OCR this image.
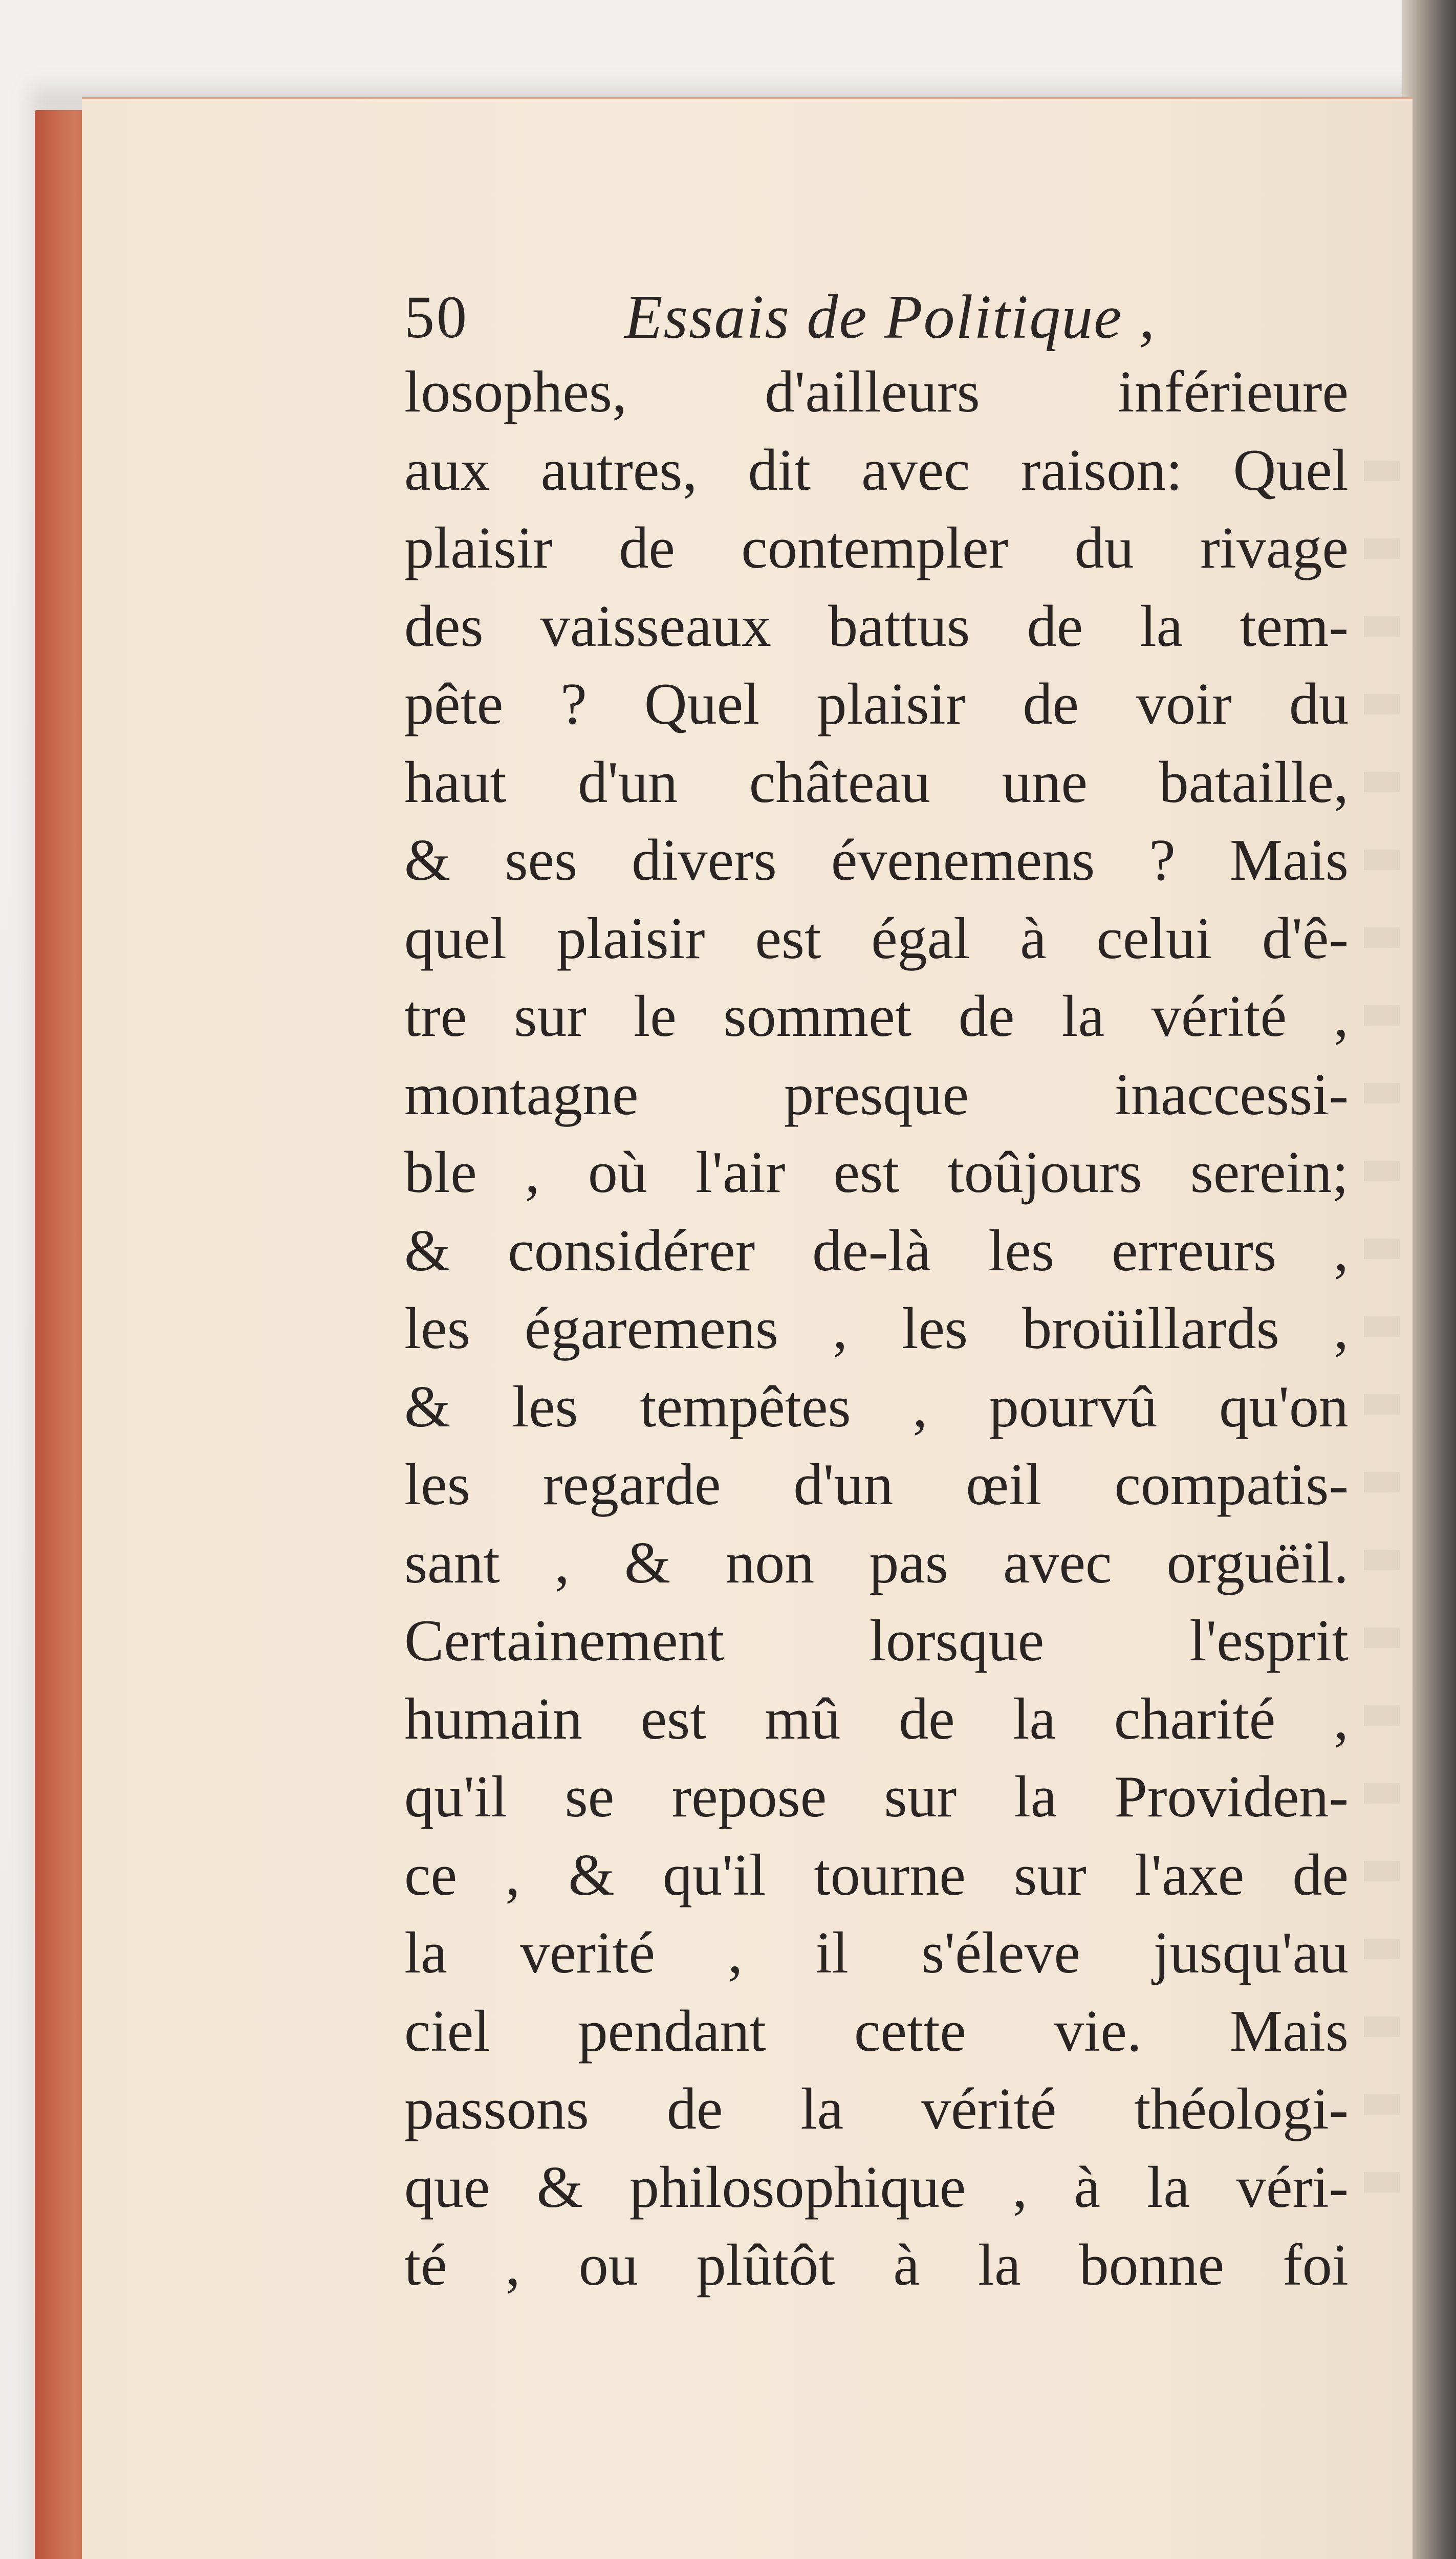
50 Essais de Politique ,
losophes, d'ailleurs inférieure
aux autres, dit avec raison: Quel
plaisir de contempler du rivage
des vaisseaux battus de la tem-
pête ? Quel plaisir de voir du
haut d'un château une bataille,
& ses divers évenemens ? Mais
quel plaisir est égal à celui d'ê-
tre sur le sommet de la vérité ,
montagne presque inaccessi-
ble , où l'air est toûjours serein;
& considérer de-là les erreurs ,
les égaremens , les broüillards ,
& les tempêtes , pourvû qu'on
les regarde d'un œil compatis-
sant , & non pas avec orguëil.
Certainement lorsque l'esprit
humain est mû de la charité ,
qu'il se repose sur la Providen-
ce , & qu'il tourne sur l'axe de
la verité , il s'éleve jusqu'au
ciel pendant cette vie. Mais
passons de la vérité théologi-
que & philosophique , à la véri-
té , ou plûtôt à la bonne foi
